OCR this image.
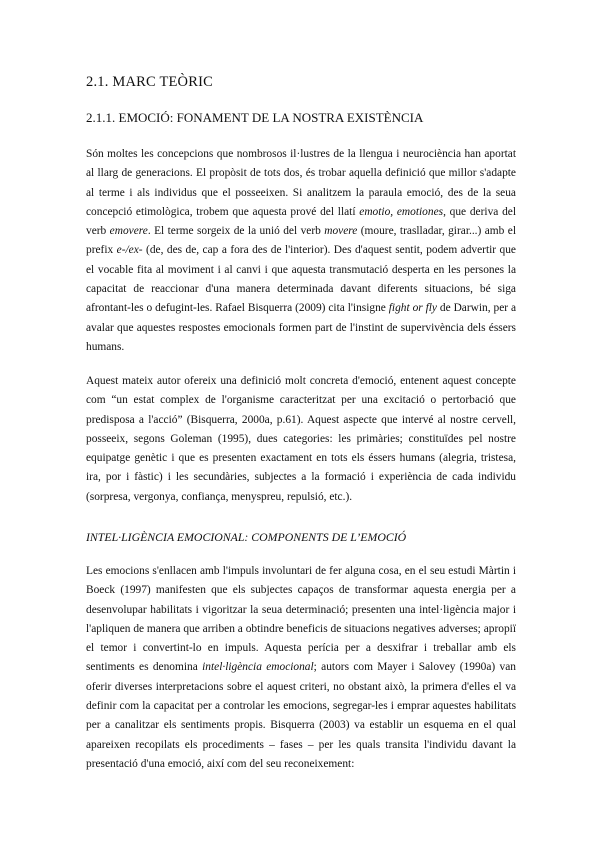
2.1. MARC TEÒRIC
2.1.1. EMOCIÓ: FONAMENT DE LA NOSTRA EXISTÈNCIA

Són moltes les concepcions que nombrosos il·lustres de la llengua i neurociència han aportat al llarg de generacions. El propòsit de tots dos, és trobar aquella definició que millor s'adapte al terme i als individus que el posseeixen. Si analitzem la paraula emoció, des de la seua concepció etimològica, trobem que aquesta prové del llatí emotio, emotiones, que deriva del verb emovere. El terme sorgeix de la unió del verb movere (moure, traslladar, girar...) amb el prefix e-/ex- (de, des de, cap a fora des de l'interior). Des d'aquest sentit, podem advertir que el vocable fita al moviment i al canvi i que aquesta transmutació desperta en les persones la capacitat de reaccionar d'una manera determinada davant diferents situacions, bé siga afrontant-les o defugint-les. Rafael Bisquerra (2009) cita l'insigne fight or fly de Darwin, per a avalar que aquestes respostes emocionals formen part de l'instint de supervivència dels éssers humans.

Aquest mateix autor ofereix una definició molt concreta d'emoció, entenent aquest concepte com “un estat complex de l'organisme caracteritzat per una excitació o pertorbació que predisposa a l'acció” (Bisquerra, 2000a, p.61). Aquest aspecte que intervé al nostre cervell, posseeix, segons Goleman (1995), dues categories: les primàries; constituïdes pel nostre equipatge genètic i que es presenten exactament en tots els éssers humans (alegria, tristesa, ira, por i fàstic) i les secundàries, subjectes a la formació i experiència de cada individu (sorpresa, vergonya, confiança, menyspreu, repulsió, etc.).

INTEL·LIGÈNCIA EMOCIONAL: COMPONENTS DE L’EMOCIÓ

Les emocions s'enllacen amb l'impuls involuntari de fer alguna cosa, en el seu estudi Màrtin i Boeck (1997) manifesten que els subjectes capaços de transformar aquesta energia per a desenvolupar habilitats i vigoritzar la seua determinació; presenten una intel·ligència major i l'apliquen de manera que arriben a obtindre beneficis de situacions negatives adverses; apropiï el temor i convertint-lo en impuls. Aquesta perícia per a desxifrar i treballar amb els sentiments es denomina intel·ligència emocional; autors com Mayer i Salovey (1990a) van oferir diverses interpretacions sobre el aquest criteri, no obstant això, la primera d'elles el va definir com la capacitat per a controlar les emocions, segregar-les i emprar aquestes habilitats per a canalitzar els sentiments propis. Bisquerra (2003) va establir un esquema en el qual apareixen recopilats els procediments – fases – per les quals transita l'individu davant la presentació d'una emoció, així com del seu reconeixement:
